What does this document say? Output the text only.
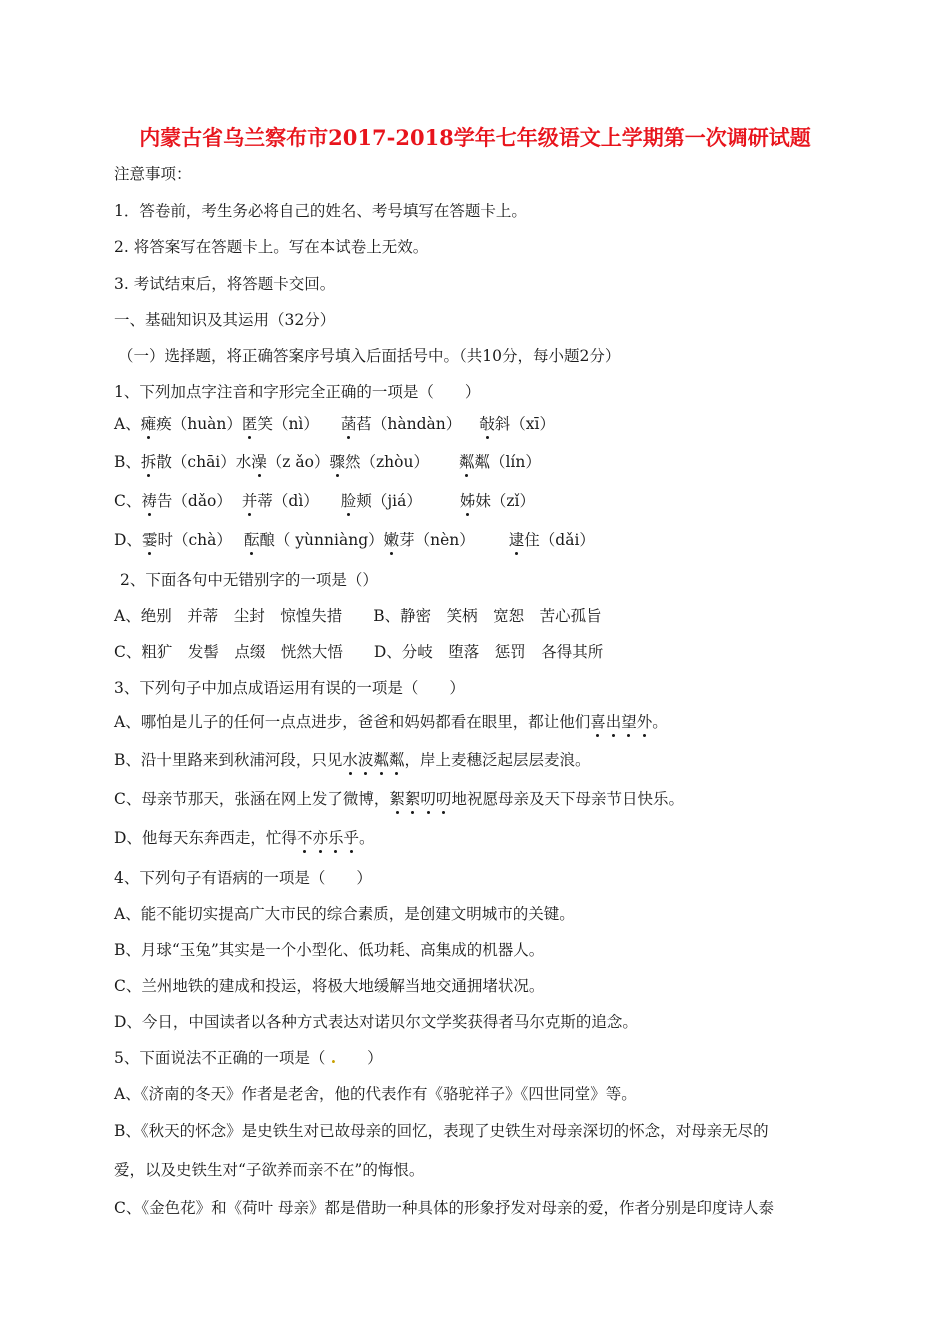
内蒙古省乌兰察布市2017-2018学年七年级语文上学期第一次调研试题
注意事项：
1．答卷前，考生务必将自己的姓名、考号填写在答题卡上。
2. 将答案写在答题卡上。写在本试卷上无效。
3. 考试结束后，将答题卡交回。
一、基础知识及其运用（32分）
（一）选择题，将正确答案序号填入后面括号中。（共10分，每小题2分）
1、下列加点字注音和字形完全正确的一项是（　　）
A、瘫痪（huàn）匿笑（nì） 菡萏（hàndàn） 敧斜（xī）
B、拆散（chāi）水澡（z ǎo）骤然（zhòu） 粼粼（lín）
C、祷告（dǎo） 并蒂（dì） 脸颊（jiá） 姊妹（zǐ）
D、霎时（chà） 酝酿（ yùnniàng）嫩芽（nèn） 逮住（dǎi）
2、下面各句中无错别字的一项是（）
A、绝别　并蒂　尘封　惊惶失措　　B、静密　笑柄　宽恕　苦心孤旨
C、粗犷　发髻　点缀　恍然大悟　　D、分岐　堕落　惩罚　各得其所
3、下列句子中加点成语运用有误的一项是（　　）
A、哪怕是儿子的任何一点点进步，爸爸和妈妈都看在眼里，都让他们喜出望外。
B、沿十里路来到秋浦河段，只见水波粼粼，岸上麦穗泛起层层麦浪。
C、母亲节那天，张涵在网上发了微博，絮絮叨叨地祝愿母亲及天下母亲节日快乐。
D、他每天东奔西走，忙得不亦乐乎。
4、下列句子有语病的一项是（　　）
A、能不能切实提高广大市民的综合素质，是创建文明城市的关键。
B、月球“玉兔”其实是一个小型化、低功耗、高集成的机器人。
C、兰州地铁的建成和投运，将极大地缓解当地交通拥堵状况。
D、今日，中国读者以各种方式表达对诺贝尔文学奖获得者马尔克斯的追念。
5、下面说法不正确的一项是（ .　　）
A、《济南的冬天》作者是老舍，他的代表作有《骆驼祥子》《四世同堂》等。
B、《秋天的怀念》是史铁生对已故母亲的回忆，表现了史铁生对母亲深切的怀念，对母亲无尽的
爱，以及史铁生对“子欲养而亲不在”的悔恨。
C、《金色花》和《荷叶 母亲》都是借助一种具体的形象抒发对母亲的爱，作者分别是印度诗人泰
